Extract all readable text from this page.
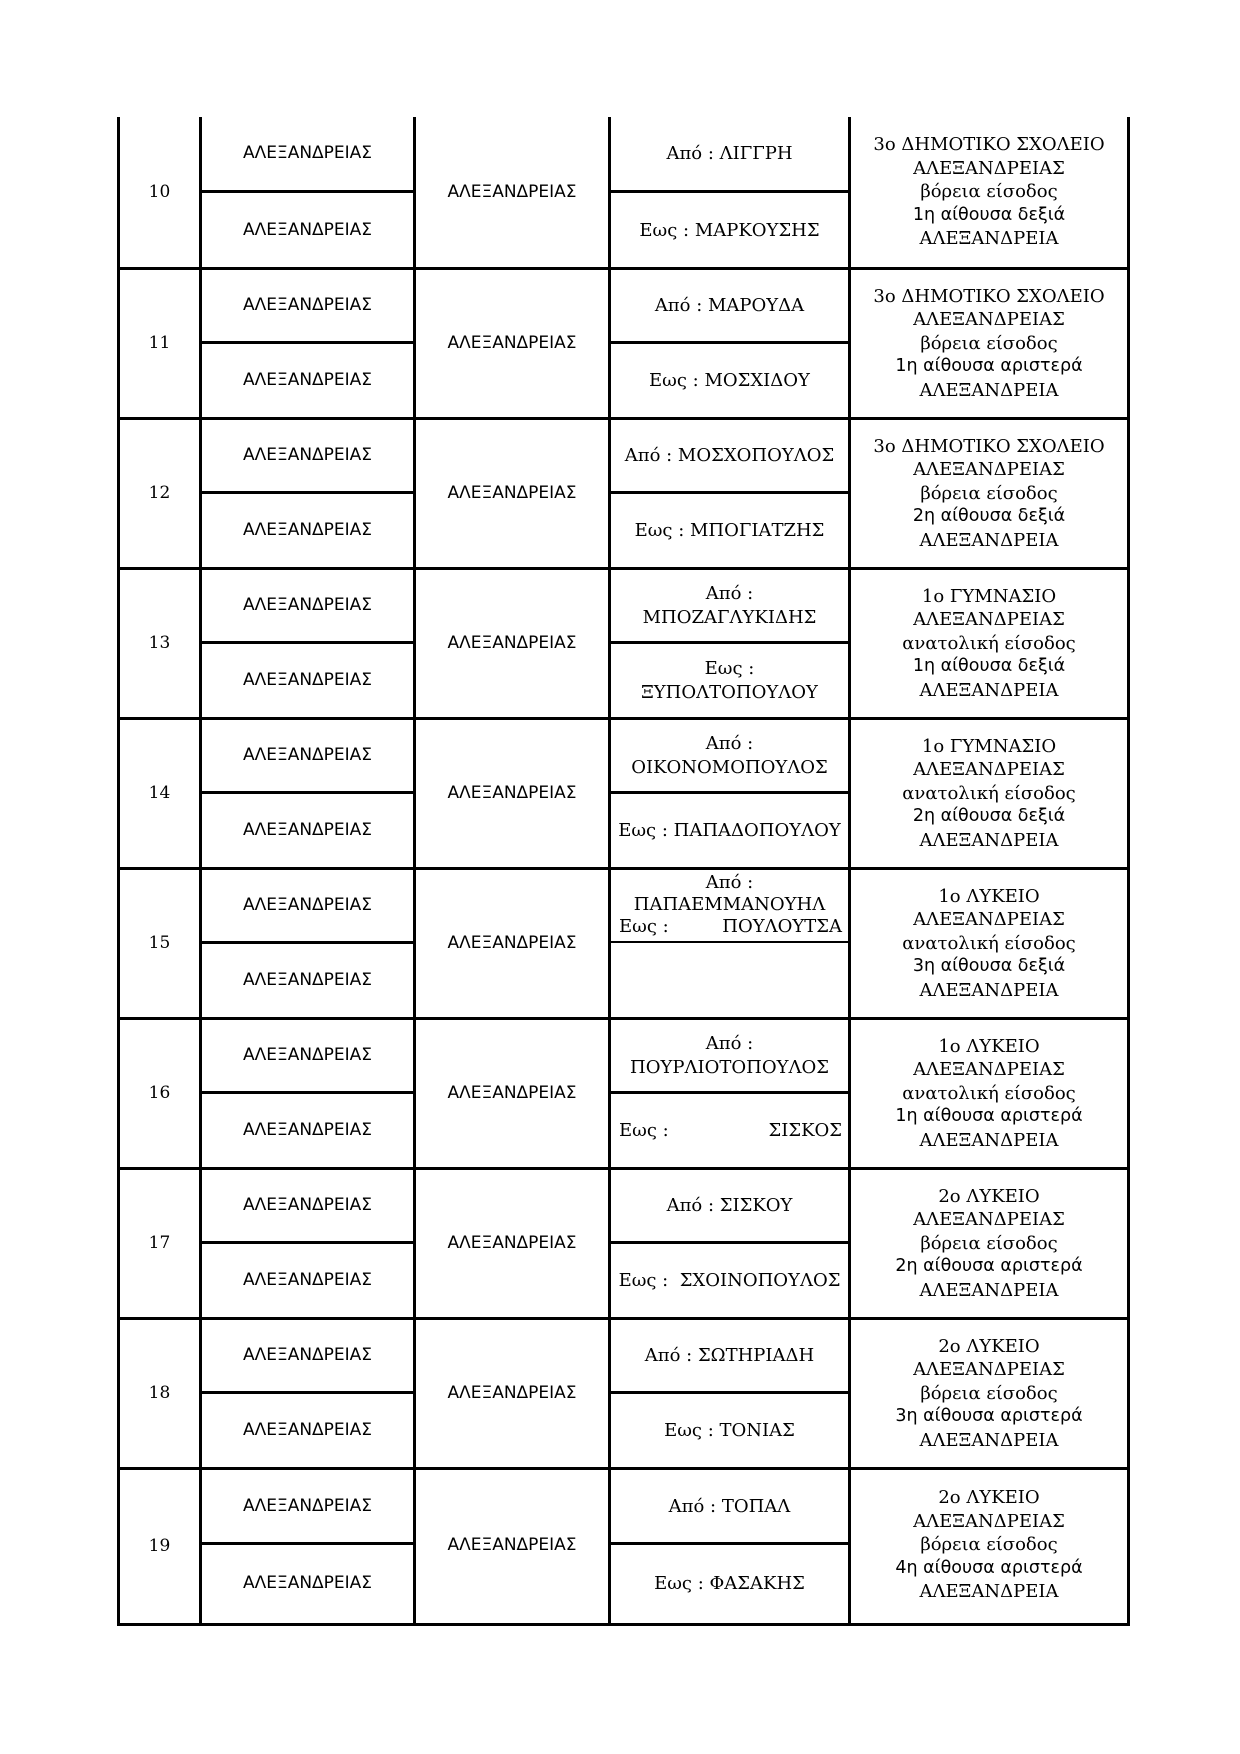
10
ΑΛΕΞΑΝΔΡΕΙΑΣ
ΑΛΕΞΑΝΔΡΕΙΑΣ
ΑΛΕΞΑΝΔΡΕΙΑΣ
Από : ΛΙΓΓΡΗ
Εως : ΜΑΡΚΟΥΣΗΣ
3ο ΔΗΜΟΤΙΚΟ ΣΧΟΛΕΙΟ
ΑΛΕΞΑΝΔΡΕΙΑΣ
βόρεια είσοδος
1η αίθουσα δεξιά
ΑΛΕΞΑΝΔΡΕΙΑ
11
ΑΛΕΞΑΝΔΡΕΙΑΣ
ΑΛΕΞΑΝΔΡΕΙΑΣ
ΑΛΕΞΑΝΔΡΕΙΑΣ
Από : ΜΑΡΟΥΔΑ
Εως : ΜΟΣΧΙΔΟΥ
3ο ΔΗΜΟΤΙΚΟ ΣΧΟΛΕΙΟ
ΑΛΕΞΑΝΔΡΕΙΑΣ
βόρεια είσοδος
1η αίθουσα αριστερά
ΑΛΕΞΑΝΔΡΕΙΑ
12
ΑΛΕΞΑΝΔΡΕΙΑΣ
ΑΛΕΞΑΝΔΡΕΙΑΣ
ΑΛΕΞΑΝΔΡΕΙΑΣ
Από : ΜΟΣΧΟΠΟΥΛΟΣ
Εως : ΜΠΟΓΙΑΤΖΗΣ
3ο ΔΗΜΟΤΙΚΟ ΣΧΟΛΕΙΟ
ΑΛΕΞΑΝΔΡΕΙΑΣ
βόρεια είσοδος
2η αίθουσα δεξιά
ΑΛΕΞΑΝΔΡΕΙΑ
13
ΑΛΕΞΑΝΔΡΕΙΑΣ
ΑΛΕΞΑΝΔΡΕΙΑΣ
ΑΛΕΞΑΝΔΡΕΙΑΣ
Από :
ΜΠΟΖΑΓΛΥΚΙΔΗΣ
Εως :
ΞΥΠΟΛΤΟΠΟΥΛΟΥ
1ο ΓΥΜΝΑΣΙΟ
ΑΛΕΞΑΝΔΡΕΙΑΣ
ανατολική είσοδος
1η αίθουσα δεξιά
ΑΛΕΞΑΝΔΡΕΙΑ
14
ΑΛΕΞΑΝΔΡΕΙΑΣ
ΑΛΕΞΑΝΔΡΕΙΑΣ
ΑΛΕΞΑΝΔΡΕΙΑΣ
Από :
ΟΙΚΟΝΟΜΟΠΟΥΛΟΣ
Εως : ΠΑΠΑΔΟΠΟΥΛΟΥ
1ο ΓΥΜΝΑΣΙΟ
ΑΛΕΞΑΝΔΡΕΙΑΣ
ανατολική είσοδος
2η αίθουσα δεξιά
ΑΛΕΞΑΝΔΡΕΙΑ
15
ΑΛΕΞΑΝΔΡΕΙΑΣ
ΑΛΕΞΑΝΔΡΕΙΑΣ
ΑΛΕΞΑΝΔΡΕΙΑΣ
Από :
ΠΑΠΑΕΜΜΑΝΟΥΗΛ
Εως :	ΠΟΥΛΟΥΤΣΑ
1ο ΛΥΚΕΙΟ
ΑΛΕΞΑΝΔΡΕΙΑΣ
ανατολική είσοδος
3η αίθουσα δεξιά
ΑΛΕΞΑΝΔΡΕΙΑ
16
ΑΛΕΞΑΝΔΡΕΙΑΣ
ΑΛΕΞΑΝΔΡΕΙΑΣ
ΑΛΕΞΑΝΔΡΕΙΑΣ
Από :
ΠΟΥΡΛΙΟΤΟΠΟΥΛΟΣ
Εως :	ΣΙΣΚΟΣ
1ο ΛΥΚΕΙΟ
ΑΛΕΞΑΝΔΡΕΙΑΣ
ανατολική είσοδος
1η αίθουσα αριστερά
ΑΛΕΞΑΝΔΡΕΙΑ
17
ΑΛΕΞΑΝΔΡΕΙΑΣ
ΑΛΕΞΑΝΔΡΕΙΑΣ
ΑΛΕΞΑΝΔΡΕΙΑΣ
Από : ΣΙΣΚΟΥ
Εως :  ΣΧΟΙΝΟΠΟΥΛΟΣ
2ο ΛΥΚΕΙΟ
ΑΛΕΞΑΝΔΡΕΙΑΣ
βόρεια είσοδος
2η αίθουσα αριστερά
ΑΛΕΞΑΝΔΡΕΙΑ
18
ΑΛΕΞΑΝΔΡΕΙΑΣ
ΑΛΕΞΑΝΔΡΕΙΑΣ
ΑΛΕΞΑΝΔΡΕΙΑΣ
Από : ΣΩΤΗΡΙΑΔΗ
Εως : ΤΟΝΙΑΣ
2ο ΛΥΚΕΙΟ
ΑΛΕΞΑΝΔΡΕΙΑΣ
βόρεια είσοδος
3η αίθουσα αριστερά
ΑΛΕΞΑΝΔΡΕΙΑ
19
ΑΛΕΞΑΝΔΡΕΙΑΣ
ΑΛΕΞΑΝΔΡΕΙΑΣ
ΑΛΕΞΑΝΔΡΕΙΑΣ
Από : ΤΟΠΑΛ
Εως : ΦΑΣΑΚΗΣ
2ο ΛΥΚΕΙΟ
ΑΛΕΞΑΝΔΡΕΙΑΣ
βόρεια είσοδος
4η αίθουσα αριστερά
ΑΛΕΞΑΝΔΡΕΙΑ
